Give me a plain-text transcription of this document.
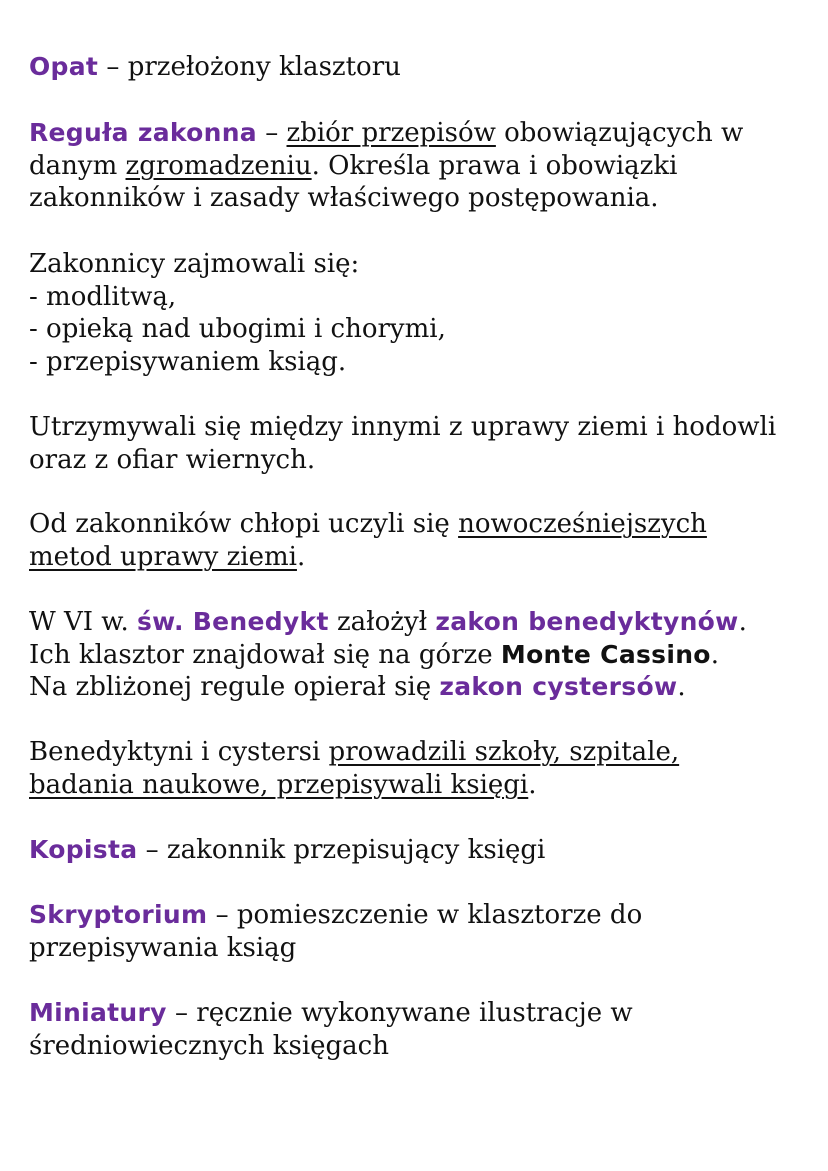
Opat – przełożony klasztoru

Reguła zakonna – zbiór przepisów obowiązujących w
danym zgromadzeniu. Określa prawa i obowiązki
zakonników i zasady właściwego postępowania.

Zakonnicy zajmowali się:
- modlitwą,
- opieką nad ubogimi i chorymi,
- przepisywaniem ksiąg.

Utrzymywali się między innymi z uprawy ziemi i hodowli
oraz z ofiar wiernych.

Od zakonników chłopi uczyli się nowocześniejszych
metod uprawy ziemi.

W VI w. św. Benedykt założył zakon benedyktynów.
Ich klasztor znajdował się na górze Monte Cassino.
Na zbliżonej regule opierał się zakon cystersów.

Benedyktyni i cystersi prowadzili szkoły, szpitale,
badania naukowe, przepisywali księgi.

Kopista – zakonnik przepisujący księgi

Skryptorium – pomieszczenie w klasztorze do
przepisywania ksiąg

Miniatury – ręcznie wykonywane ilustracje w
średniowiecznych księgach
